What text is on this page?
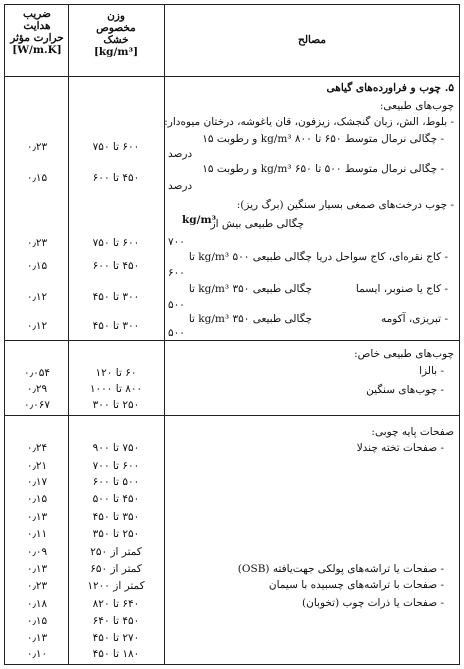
ضریب
هدایت
حرارت مؤثر
[W/m.K]
وزن
مخصوص
خشک
[kg/m³]
مصالح
۵. چوب و فراورده‌های گیاهی
چوب‌های طبیعی:
- بلوط، الش، زبان گنجشک، زیزفون، قان یاغوشه، درختان میوه‌دار:
- چگالی نرمال متوسط ۶۵۰ تا ۸۰۰ kg/m³ و رطوبت ۱۵
درصد
- چگالی نرمال متوسط ۵۰۰ تا ۶۵۰ kg/m³ و رطوبت ۱۵
درصد
- چوب درخت‌های صمغی بسیار سنگین (برگ ریز):
چگالی طبیعی بیش از
kg/m³
۷۰۰
- کاج نقره‌ای، کاج سواحل دریا
چگالی طبیعی ۵۰۰ kg/m³ تا
۶۰۰
- کاج یا صنوبر، ایسما
چگالی طبیعی ۳۵۰ kg/m³ تا
۵۰۰
- تبریزی، آکومه
چگالی طبیعی ۳۵۰ kg/m³ تا
۵۰۰
۶۰۰ تا ۷۵۰
۰٫۲۳
۴۵۰ تا ۶۰۰
۰٫۱۵
۶۰۰ تا ۷۵۰
۰٫۲۳
۴۵۰ تا ۶۰۰
۰٫۱۵
۳۰۰ تا ۴۵۰
۰٫۱۲
۳۰۰ تا ۴۵۰
۰٫۱۲
چوب‌های طبیعی خاص:
- بالزا
- چوب‌های سنگین
۶۰ تا ۱۲۰
۰٫۰۵۴
۸۰۰ تا ۱۰۰۰
۰٫۲۹
۲۵۰ تا ۳۰۰
۰٫۰۶۷
صفحات پایه چوبی:
- صفحات تخته چندلا
- صفحات یا تراشه‌های پولکی جهت‌یافته (OSB)
- صفحات با تراشه‌های چسبیده با سیمان
- صفحات یا ذرات چوب (تخوبان)
۷۵۰ تا ۹۰۰
۰٫۲۴
۶۰۰ تا ۷۰۰
۰٫۲۱
۵۰۰ تا ۶۰۰
۰٫۱۷
۴۵۰ تا ۵۰۰
۰٫۱۵
۳۵۰ تا ۴۵۰
۰٫۱۳
۲۵۰ تا ۳۵۰
۰٫۱۱
کمتر از ۲۵۰
۰٫۰۹
کمتر از ۶۵۰
۰٫۱۳
کمتر از ۱۲۰۰
۰٫۲۳
۶۴۰ تا ۸۲۰
۰٫۱۸
۴۵۰ تا ۶۴۰
۰٫۱۵
۲۷۰ تا ۴۵۰
۰٫۱۳
۱۸۰ تا ۴۵۰
۰٫۱۰
